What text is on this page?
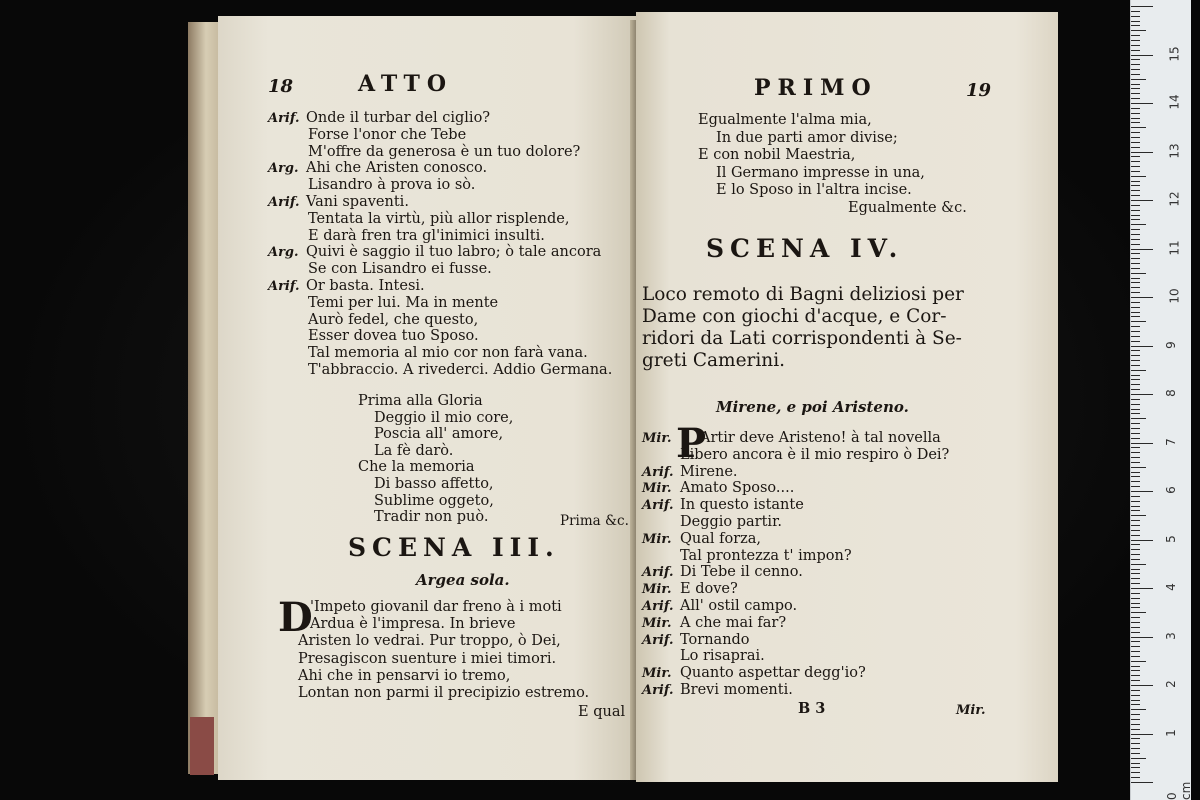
18	ATTO
Arif. Onde il turbar del ciglio?
Forse l'onor che Tebe
M'offre da generosa è un tuo dolore?
Arg. Ahi che Aristen conosco.
Lisandro à prova io sò.
Arif. Vani spaventi.
Tentata la virtù, più allor risplende,
E darà fren tra gl'inimici insulti.
Arg. Quivi è saggio il tuo labro; ò tale ancora
Se con Lisandro ei fusse.
Arif. Or basta. Intesi.
Temi per lui. Ma in mente
Aurò fedel, che questo,
Esser dovea tuo Sposo.
Tal memoria al mio cor non farà vana.
T'abbraccio. A rivederci. Addio Germana.
Prima alla Gloria
Deggio il mio core,
Poscia all' amore,
La fè darò.
Che la memoria
Di basso affetto,
Sublime oggeto,
Tradir non può.	Prima &c.
SCENA III.
Argea sola.
D
'Impeto giovanil dar freno à i moti
Ardua è l'impresa. In brieve
Aristen lo vedrai. Pur troppo, ò Dei,
Presagiscon suenture i miei timori.
Ahi che in pensarvi io tremo,
Lontan non parmi il precipizio estremo.
E qual
PRIMO	19
Egualmente l'alma mia,
In due parti amor divise;
E con nobil Maestria,
Il Germano impresse in una,
E lo Sposo in l'altra incise.
Egualmente &c.
SCENA IV.
Loco remoto di Bagni deliziosi per
Dame con giochi d'acque, e Cor-
ridori da Lati corrispondenti à Se-
greti Camerini.
Mirene, e poi Aristeno.
P
Mir. Artir deve Aristeno! à tal novella
Libero ancora è il mio respiro ò Dei?
Arif. Mirene.
Mir. Amato Sposo....
Arif. In questo istante
Deggio partir.
Mir. Qual forza,
Tal prontezza t' impon?
Arif. Di Tebe il cenno.
Mir. E dove?
Arif. All' ostil campo.
Mir. A che mai far?
Arif. Tornando
Lo risaprai.
Mir. Quanto aspettar degg'io?
Arif. Brevi momenti.
B 3	Mir.
0 cm
1
2
3
4
5
6
7
8
9
10
11
12
13
14
15
